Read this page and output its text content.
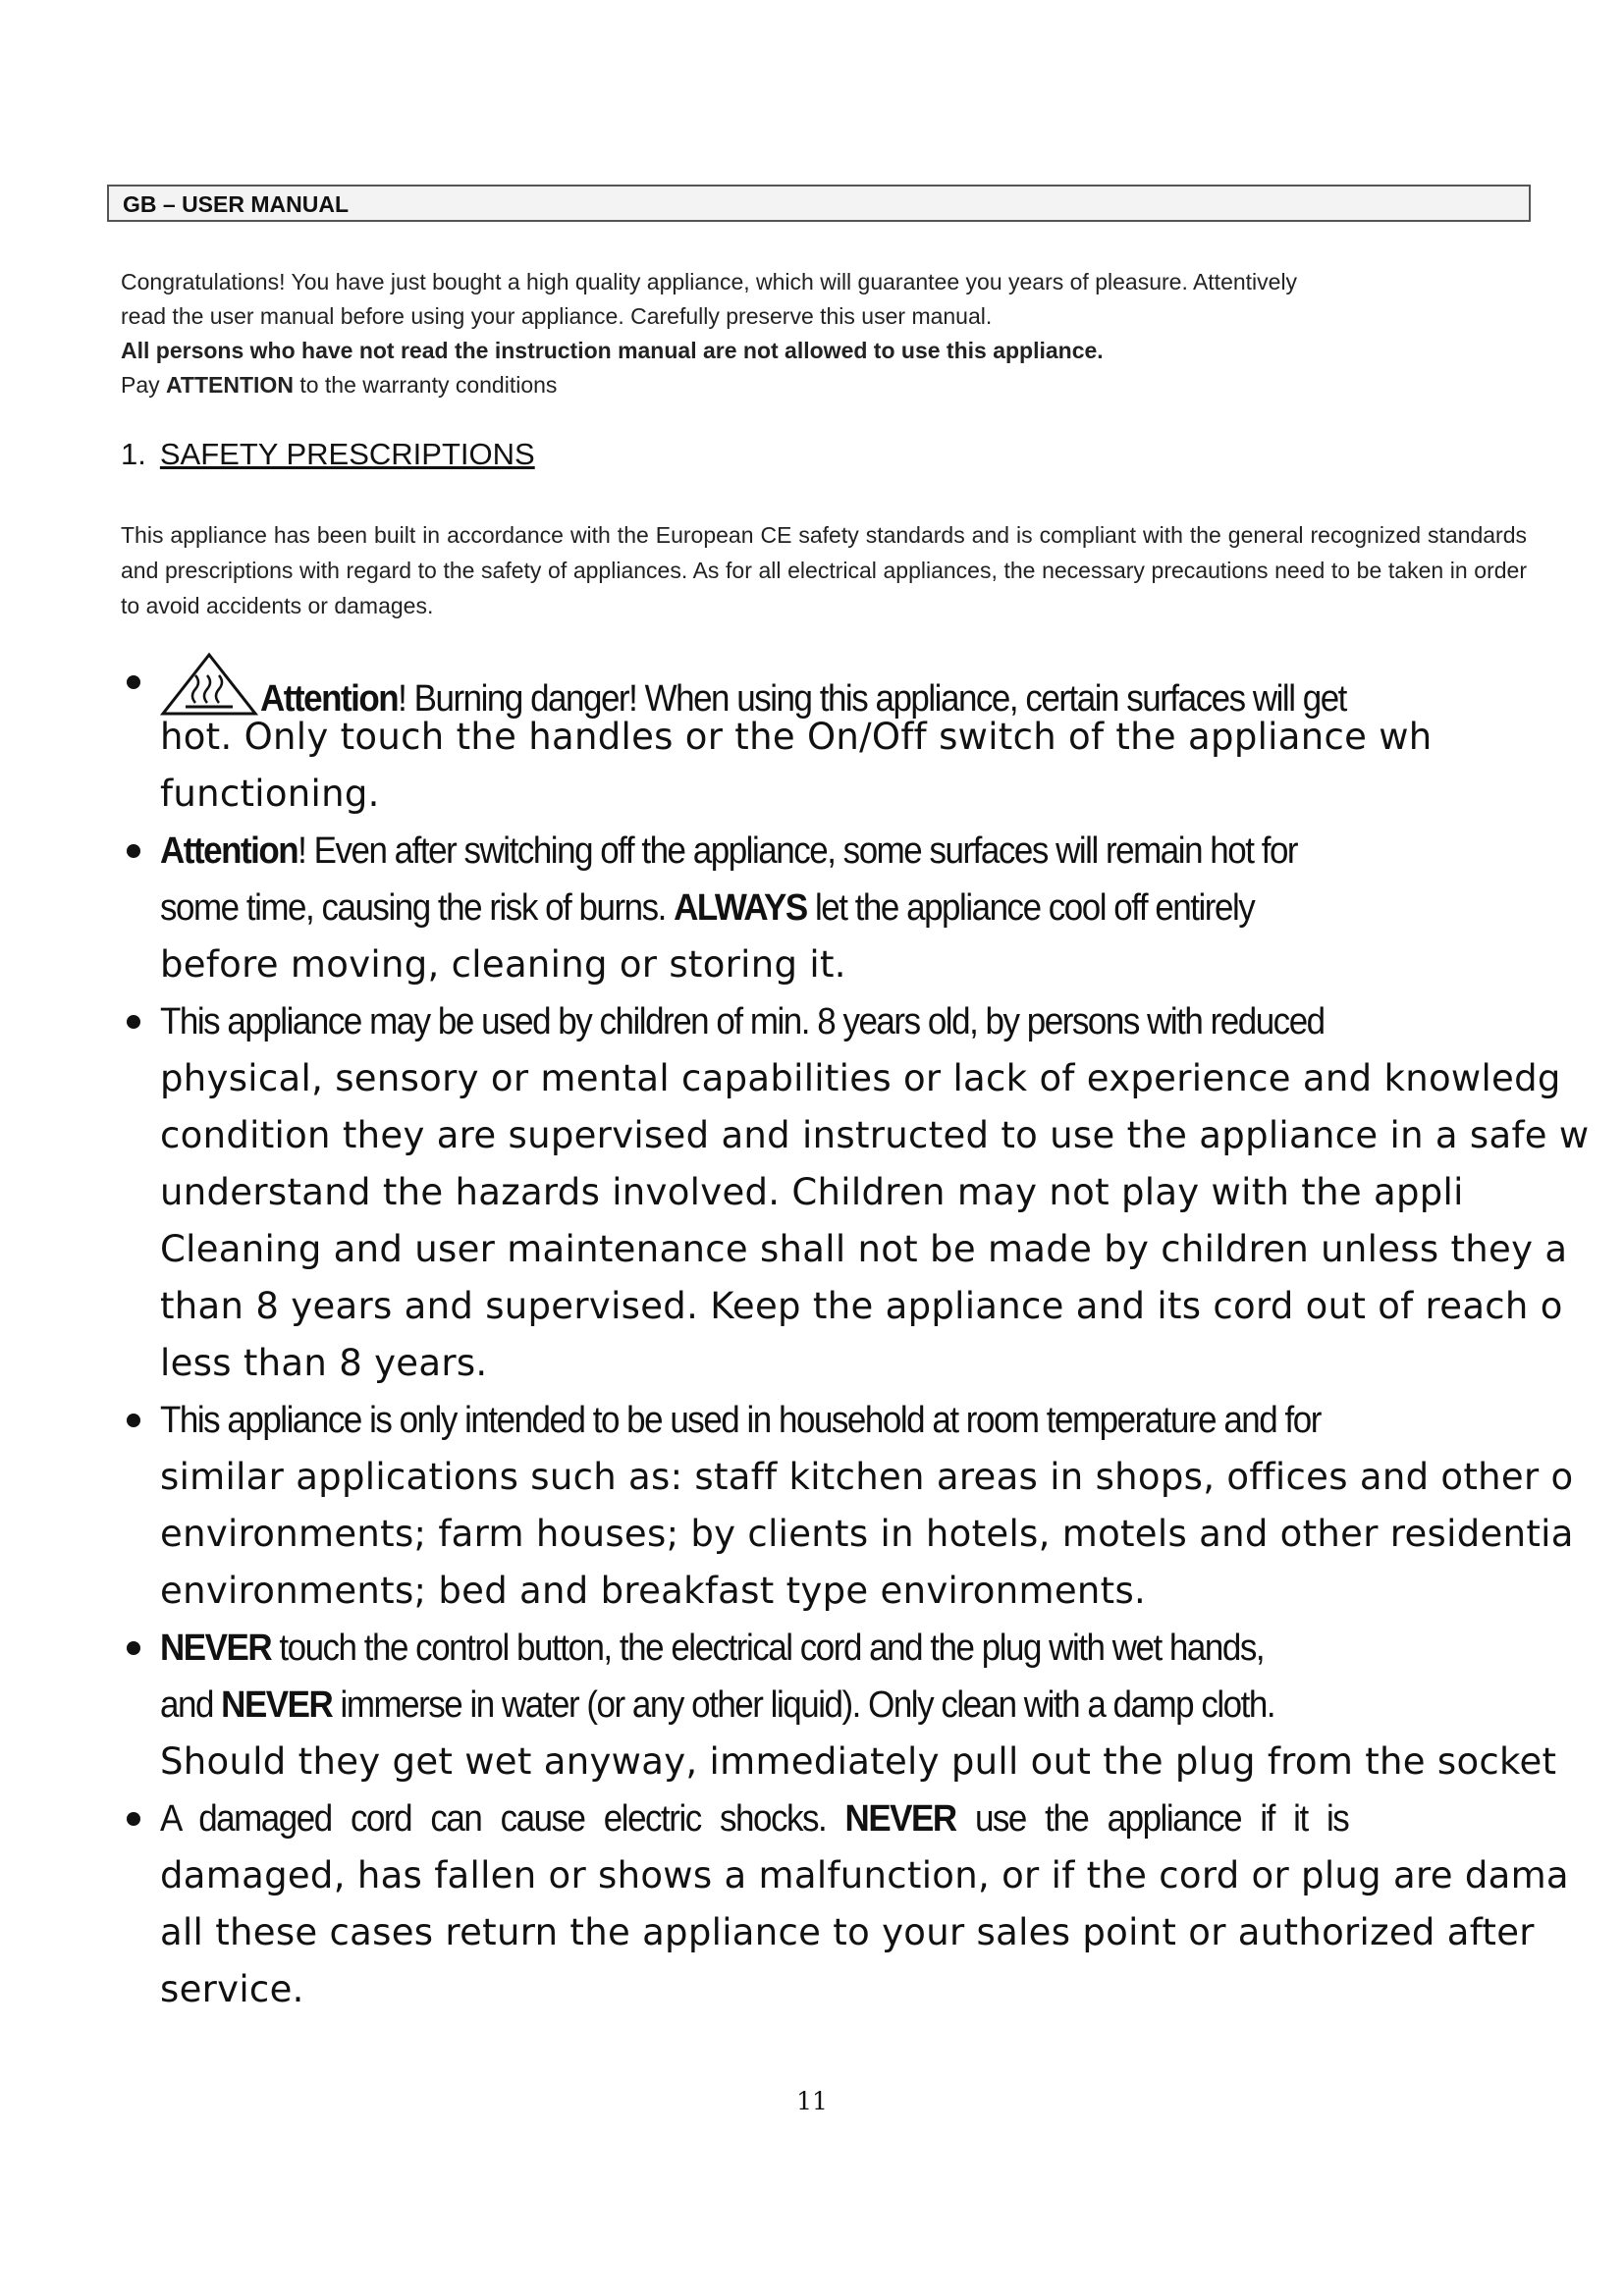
GB – USER MANUAL

Congratulations! You have just bought a high quality appliance, which will guarantee you years of pleasure. Attentively

read the user manual before using your appliance. Carefully preserve this user manual.

All persons who have not read the instruction manual are not allowed to use this appliance.

Pay ATTENTION to the warranty conditions

1. SAFETY PRESCRIPTIONS
This appliance has been built in accordance with the European CE safety standards and is compliant with the general recognized standards and prescriptions with regard to the safety of appliances. As for all electrical appliances, the necessary precautions need to be taken in order to avoid accidents or damages.
Attention! Burning danger! When using this appliance, certain surfaces will get
hot. Only touch the handles or the On/Off switch of the appliance wh
functioning.
Attention! Even after switching off the appliance, some surfaces will remain hot for
some time, causing the risk of burns. ALWAYS let the appliance cool off entirely
before moving, cleaning or storing it.
This appliance may be used by children of min. 8 years old, by persons with reduced
physical, sensory or mental capabilities or lack of experience and knowledg
condition they are supervised and instructed to use the appliance in a safe w
understand the hazards involved. Children may not play with the appli
Cleaning and user maintenance shall not be made by children unless they a
than 8 years and supervised. Keep the appliance and its cord out of reach o
less than 8 years.
This appliance is only intended to be used in household at room temperature and for
similar applications such as: staff kitchen areas in shops, offices and other o
environments; farm houses; by clients in hotels, motels and other residentia
environments; bed and breakfast type environments.
NEVER touch the control button, the electrical cord and the plug with wet hands,
and NEVER immerse in water (or any other liquid). Only clean with a damp cloth.
Should they get wet anyway, immediately pull out the plug from the socket
A damaged cord can cause electric shocks. NEVER use the appliance if it is
damaged, has fallen or shows a malfunction, or if the cord or plug are dama
all these cases return the appliance to your sales point or authorized after
service.
11
